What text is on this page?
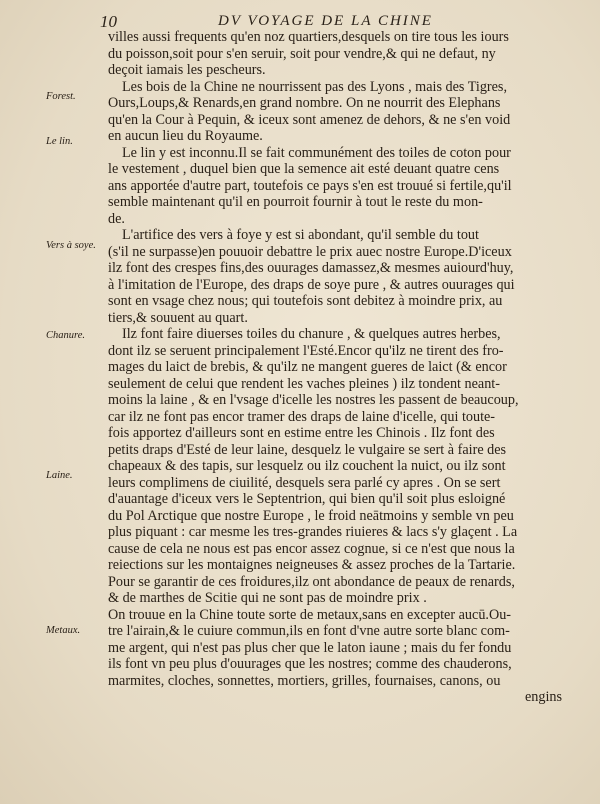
10	DV VOYAGE DE LA CHINE
Forest.
Le lin.
Vers à soye.
Chanure.
Laine.
Metaux.
villes aussi frequents qu'en noz quartiers,desquels on tire tous les iours
du poisson,soit pour s'en seruir, soit pour vendre,& qui ne defaut, ny
deçoit iamais les pescheurs.
Les bois de la Chine ne nourrissent pas des Lyons , mais des Tigres,
Ours,Loups,& Renards,en grand nombre. On ne nourrit des Elephans
qu'en la Cour à Pequin, & iceux sont amenez de dehors, & ne s'en void
en aucun lieu du Royaume.
Le lin y est inconnu.Il se fait communément des toiles de coton pour
le vestement , duquel bien que la semence ait esté deuant quatre cens
ans apportée d'autre part, toutefois ce pays s'en est trouué si fertile,qu'il
semble maintenant qu'il en pourroit fournir à tout le reste du mon-
de.
L'artifice des vers à foye y est si abondant, qu'il semble du tout
(s'il ne surpasse)en pouuoir debattre le prix auec nostre Europe.D'iceux
ilz font des crespes fins,des ouurages damassez,& mesmes auiourd'huy,
à l'imitation de l'Europe, des draps de soye pure , & autres ouurages qui
sont en vsage chez nous; qui toutefois sont debitez à moindre prix, au
tiers,& souuent au quart.
Ilz font faire diuerses toiles du chanure , & quelques autres herbes,
dont ilz se seruent principalement l'Esté.Encor qu'ilz ne tirent des fro-
mages du laict de brebis, & qu'ilz ne mangent gueres de laict (& encor
seulement de celui que rendent les vaches pleines ) ilz tondent neant-
moins la laine , & en l'vsage d'icelle les nostres les passent de beaucoup,
car ilz ne font pas encor tramer des draps de laine d'icelle, qui toute-
fois apportez d'ailleurs sont en estime entre les Chinois . Ilz font des
petits draps d'Esté de leur laine, desquelz le vulgaire se sert à faire des
chapeaux & des tapis, sur lesquelz ou ilz couchent la nuict, ou ilz sont
leurs complimens de ciuilité, desquels sera parlé cy apres . On se sert
d'auantage d'iceux vers le Septentrion, qui bien qu'il soit plus esloigné
du Pol Arctique que nostre Europe , le froid neātmoins y semble vn peu
plus piquant : car mesme les tres-grandes riuieres & lacs s'y glaçent . La
cause de cela ne nous est pas encor assez cognue, si ce n'est que nous la
reiections sur les montaignes neigneuses & assez proches de la Tartarie.
Pour se garantir de ces froidures,ilz ont abondance de peaux de renards,
& de marthes de Scitie qui ne sont pas de moindre prix .
On trouue en la Chine toute sorte de metaux,sans en excepter aucū.Ou-
tre l'airain,& le cuiure commun,ils en font d'vne autre sorte blanc com-
me argent, qui n'est pas plus cher que le laton iaune ; mais du fer fondu
ils font vn peu plus d'ouurages que les nostres; comme des chauderons,
marmites, cloches, sonnettes, mortiers, grilles, fournaises, canons, ou
engins
